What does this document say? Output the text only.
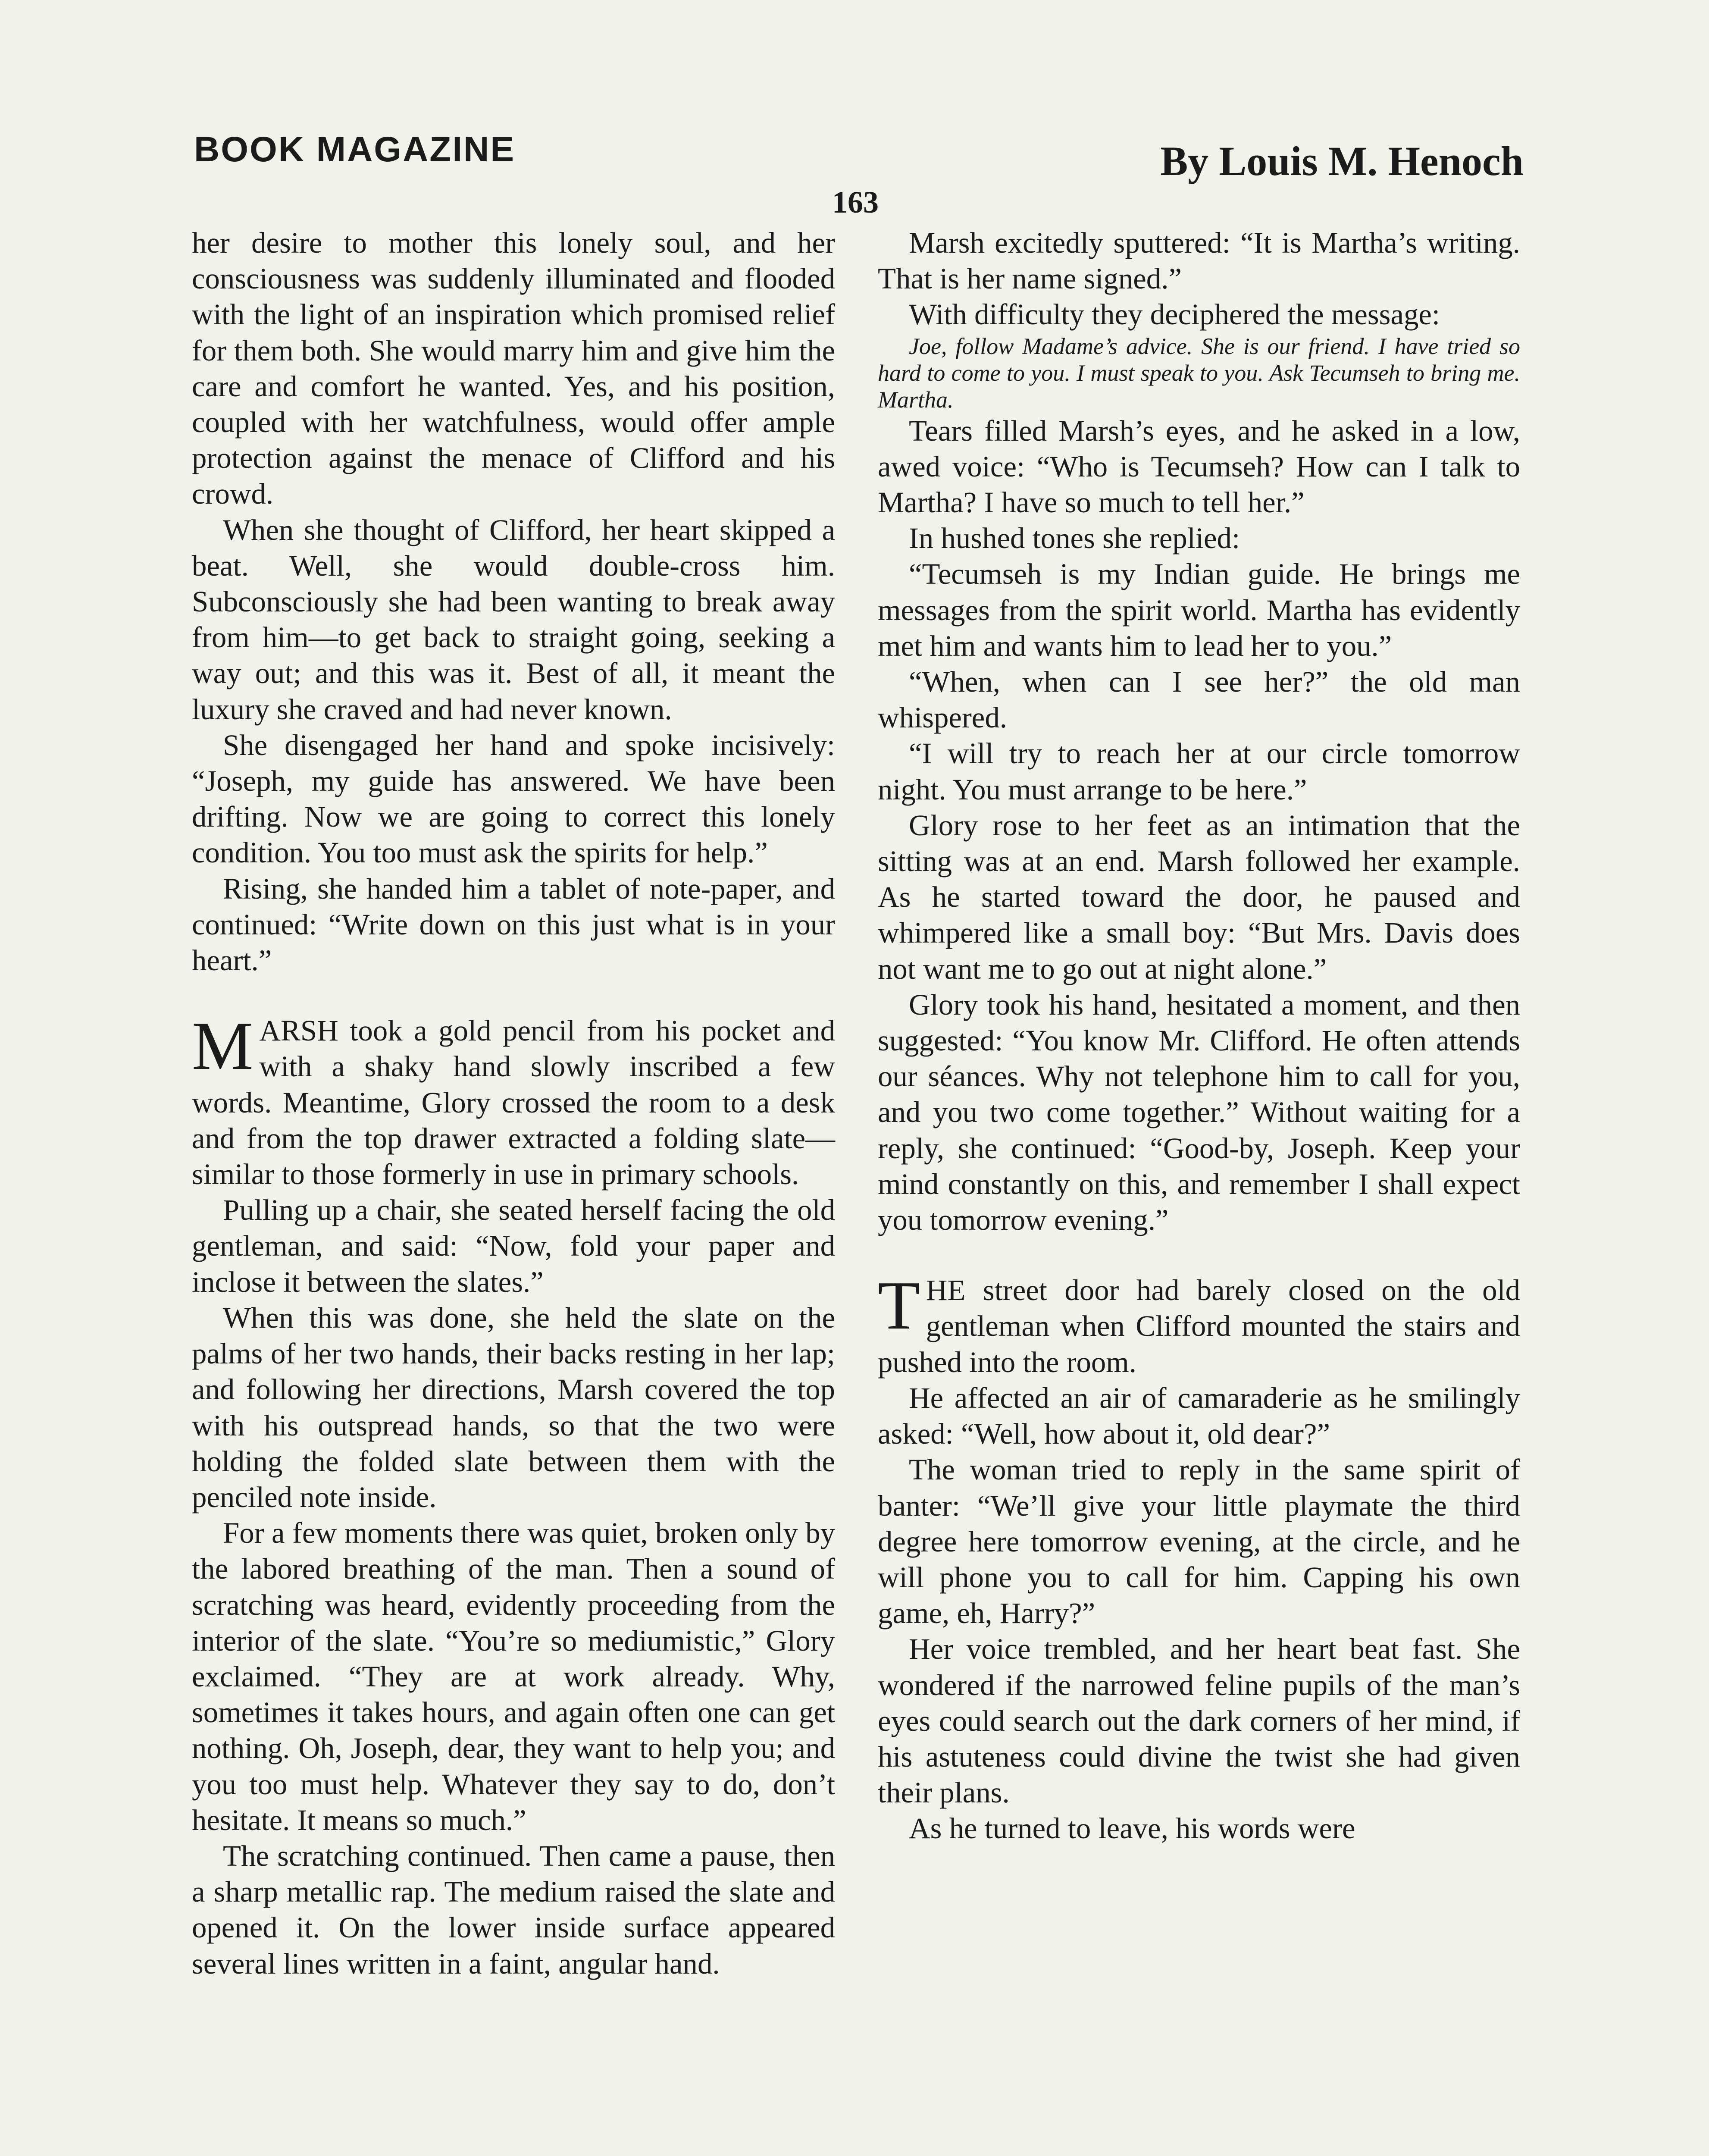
BOOK MAGAZINE	By Louis M. Henoch
163

her desire to mother this lonely soul, and her consciousness was suddenly illuminated and flooded with the light of an inspiration which promised relief for them both. She would marry him and give him the care and comfort he wanted. Yes, and his position, coupled with her watchfulness, would offer ample protection against the menace of Clifford and his crowd.

When she thought of Clifford, her heart skipped a beat. Well, she would double-cross him. Subconsciously she had been wanting to break away from him—to get back to straight going, seeking a way out; and this was it. Best of all, it meant the luxury she craved and had never known.

She disengaged her hand and spoke incisively: “Joseph, my guide has answered. We have been drifting. Now we are going to correct this lonely condition. You too must ask the spirits for help.”

Rising, she handed him a tablet of note-paper, and continued: “Write down on this just what is in your heart.”

MARSH took a gold pencil from his pocket and with a shaky hand slowly inscribed a few words. Meantime, Glory crossed the room to a desk and from the top drawer extracted a folding slate—similar to those formerly in use in primary schools.

Pulling up a chair, she seated herself facing the old gentleman, and said: “Now, fold your paper and inclose it between the slates.”

When this was done, she held the slate on the palms of her two hands, their backs resting in her lap; and following her directions, Marsh covered the top with his outspread hands, so that the two were holding the folded slate between them with the penciled note inside.

For a few moments there was quiet, broken only by the labored breathing of the man. Then a sound of scratching was heard, evidently proceeding from the interior of the slate. “You’re so mediumistic,” Glory exclaimed. “They are at work already. Why, sometimes it takes hours, and again often one can get nothing. Oh, Joseph, dear, they want to help you; and you too must help. Whatever they say to do, don’t hesitate. It means so much.”

The scratching continued. Then came a pause, then a sharp metallic rap. The medium raised the slate and opened it. On the lower inside surface appeared several lines written in a faint, angular hand.

Marsh excitedly sputtered: “It is Martha’s writing. That is her name signed.”

With difficulty they deciphered the message:

Joe, follow Madame’s advice. She is our friend. I have tried so hard to come to you. I must speak to you. Ask Tecumseh to bring me. Martha.

Tears filled Marsh’s eyes, and he asked in a low, awed voice: “Who is Tecumseh? How can I talk to Martha? I have so much to tell her.”

In hushed tones she replied:

“Tecumseh is my Indian guide. He brings me messages from the spirit world. Martha has evidently met him and wants him to lead her to you.”

“When, when can I see her?” the old man whispered.

“I will try to reach her at our circle tomorrow night. You must arrange to be here.”

Glory rose to her feet as an intimation that the sitting was at an end. Marsh followed her example. As he started toward the door, he paused and whimpered like a small boy: “But Mrs. Davis does not want me to go out at night alone.”

Glory took his hand, hesitated a moment, and then suggested: “You know Mr. Clifford. He often attends our séances. Why not telephone him to call for you, and you two come together.” Without waiting for a reply, she continued: “Good-by, Joseph. Keep your mind constantly on this, and remember I shall expect you tomorrow evening.”

THE street door had barely closed on the old gentleman when Clifford mounted the stairs and pushed into the room.

He affected an air of camaraderie as he smilingly asked: “Well, how about it, old dear?”

The woman tried to reply in the same spirit of banter: “We’ll give your little playmate the third degree here tomorrow evening, at the circle, and he will phone you to call for him. Capping his own game, eh, Harry?”

Her voice trembled, and her heart beat fast. She wondered if the narrowed feline pupils of the man’s eyes could search out the dark corners of her mind, if his astuteness could divine the twist she had given their plans.

As he turned to leave, his words were
